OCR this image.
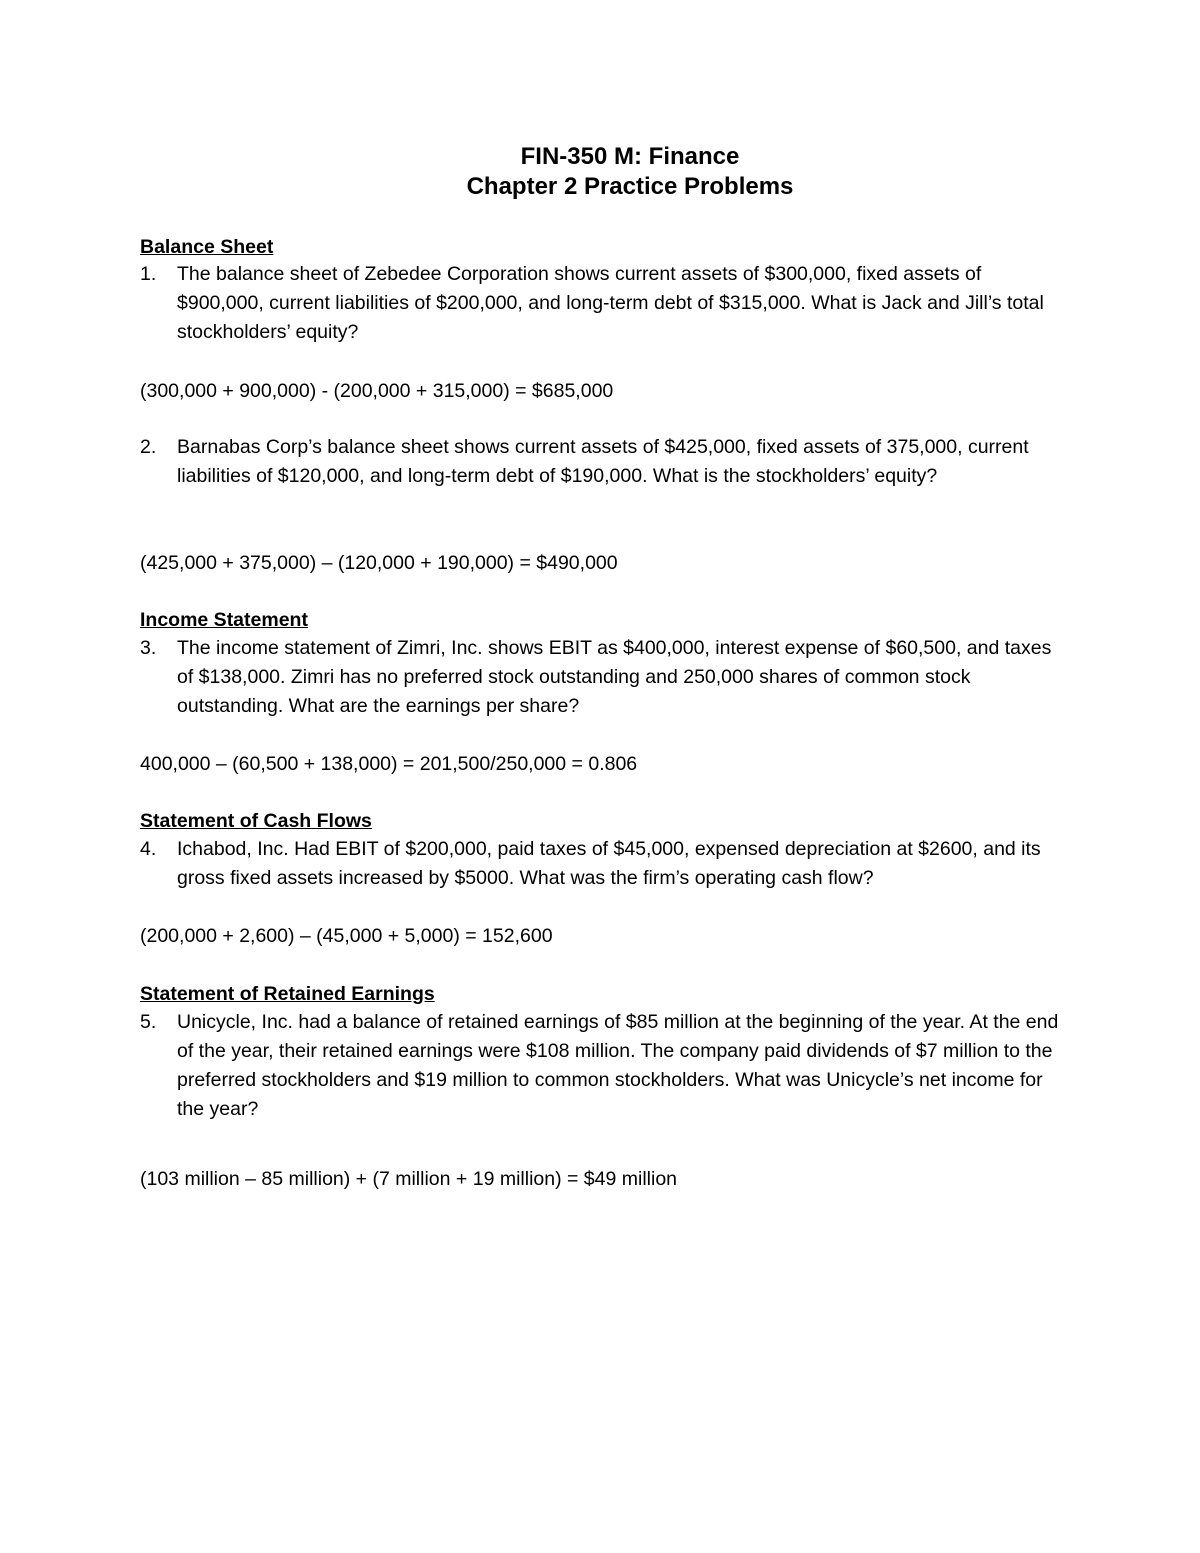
FIN-350 M: Finance
Chapter 2 Practice Problems
Balance Sheet
1. The balance sheet of Zebedee Corporation shows current assets of $300,000, fixed assets of $900,000, current liabilities of $200,000, and long-term debt of $315,000. What is Jack and Jill’s total stockholders’ equity?
(300,000 + 900,000) - (200,000 + 315,000) = $685,000
2. Barnabas Corp’s balance sheet shows current assets of $425,000, fixed assets of 375,000, current liabilities of $120,000, and long-term debt of $190,000. What is the stockholders’ equity?
(425,000 + 375,000) – (120,000 + 190,000) = $490,000
Income Statement
3. The income statement of Zimri, Inc. shows EBIT as $400,000, interest expense of $60,500, and taxes of $138,000. Zimri has no preferred stock outstanding and 250,000 shares of common stock outstanding. What are the earnings per share?
400,000 – (60,500 + 138,000) = 201,500/250,000 = 0.806
Statement of Cash Flows
4. Ichabod, Inc. Had EBIT of $200,000, paid taxes of $45,000, expensed depreciation at $2600, and its gross fixed assets increased by $5000. What was the firm’s operating cash flow?
(200,000 + 2,600) – (45,000 + 5,000) = 152,600
Statement of Retained Earnings
5. Unicycle, Inc. had a balance of retained earnings of $85 million at the beginning of the year. At the end of the year, their retained earnings were $108 million. The company paid dividends of $7 million to the preferred stockholders and $19 million to common stockholders. What was Unicycle’s net income for the year?
(103 million – 85 million) + (7 million + 19 million) = $49 million
